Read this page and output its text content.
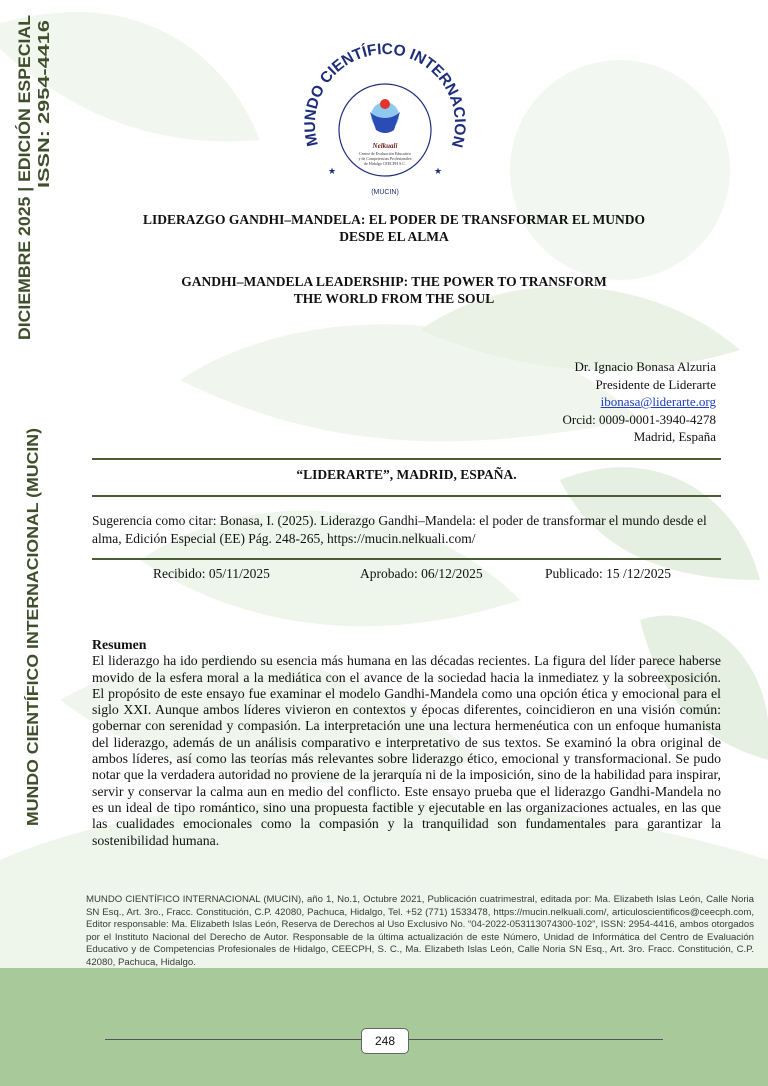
DICIEMBRE 2025 | EDICIÓN ESPECIAL ISSN: 2954-4416
MUNDO CIENTÍFICO INTERNACIONAL (MUCIN)
MUNDO CIENTÍFICO INTERNACION
Nelkuali
Centro de Evaluación Educativo
y de Competencias Profesionales
de Hidalgo CEECPH S.C.
★	★
(MUCIN)
LIDERAZGO GANDHI–MANDELA: EL PODER DE TRANSFORMAR EL MUNDO DESDE EL ALMA
GANDHI–MANDELA LEADERSHIP: THE POWER TO TRANSFORM THE WORLD FROM THE SOUL
Dr. Ignacio Bonasa Alzuria
Presidente de Liderarte
ibonasa@liderarte.org
Orcid: 0009-0001-3940-4278
Madrid, España
“LIDERARTE”, MADRID, ESPAÑA.
Sugerencia como citar: Bonasa, I. (2025). Liderazgo Gandhi–Mandela: el poder de transformar el mundo desde el alma, Edición Especial (EE) Pág. 248-265, https://mucin.nelkuali.com/
Recibido: 05/11/2025	Aprobado: 06/12/2025	Publicado: 15 /12/2025
Resumen

El liderazgo ha ido perdiendo su esencia más humana en las décadas recientes. La figura del líder parece haberse movido de la esfera moral a la mediática con el avance de la sociedad hacia la inmediatez y la sobreexposición. El propósito de este ensayo fue examinar el modelo Gandhi-Mandela como una opción ética y emocional para el siglo XXI. Aunque ambos líderes vivieron en contextos y épocas diferentes, coincidieron en una visión común: gobernar con serenidad y compasión. La interpretación une una lectura hermenéutica con un enfoque humanista del liderazgo, además de un análisis comparativo e interpretativo de sus textos. Se examinó la obra original de ambos líderes, así como las teorías más relevantes sobre liderazgo ético, emocional y transformacional. Se pudo notar que la verdadera autoridad no proviene de la jerarquía ni de la imposición, sino de la habilidad para inspirar, servir y conservar la calma aun en medio del conflicto. Este ensayo prueba que el liderazgo Gandhi-Mandela no es un ideal de tipo romántico, sino una propuesta factible y ejecutable en las organizaciones actuales, en las que las cualidades emocionales como la compasión y la tranquilidad son fundamentales para garantizar la sostenibilidad humana.

MUNDO CIENTÍFICO INTERNACIONAL (MUCIN), año 1, No.1, Octubre 2021, Publicación cuatrimestral, editada por: Ma. Elizabeth Islas León, Calle Noria SN Esq., Art. 3ro., Fracc. Constitución, C.P. 42080, Pachuca, Hidalgo, Tel. +52 (771) 1533478, https://mucin.nelkuali.com/, articuloscientificos@ceecph.com, Editor responsable: Ma. Elizabeth Islas León, Reserva de Derechos al Uso Exclusivo No. “04-2022-053113074300-102”, ISSN: 2954-4416, ambos otorgados por el Instituto Nacional del Derecho de Autor. Responsable de la última actualización de este Número, Unidad de Informática del Centro de Evaluación Educativo y de Competencias Profesionales de Hidalgo, CEECPH, S. C., Ma. Elizabeth Islas León, Calle Noria SN Esq., Art. 3ro. Fracc. Constitución, C.P. 42080, Pachuca, Hidalgo.
248
